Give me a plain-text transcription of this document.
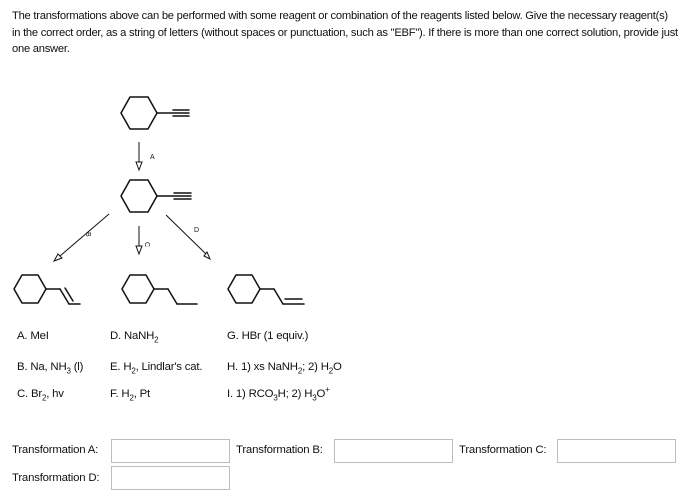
The transformations above can be performed with some reagent or combination of the reagents listed below. Give the necessary reagent(s) in the correct order, as a string of letters (without spaces or punctuation, such as "EBF"). If there is more than one correct solution, provide just one answer.
A
B
C
D
A. MeI
B. Na, $NH_3$ (l)
C. $Br_2$, hv
D. NaNH$_2$
E. $H_2$, Lindlar's cat.
F. $H_2$, Pt
G. HBr (1 equiv.)
H. 1) xs NaNH$_2$; 2) $H_2O$
I. 1) $RCO_3H$; 2) $H_3O^+$
Transformation A:	Transformation B:	Transformation C:
Transformation D:
